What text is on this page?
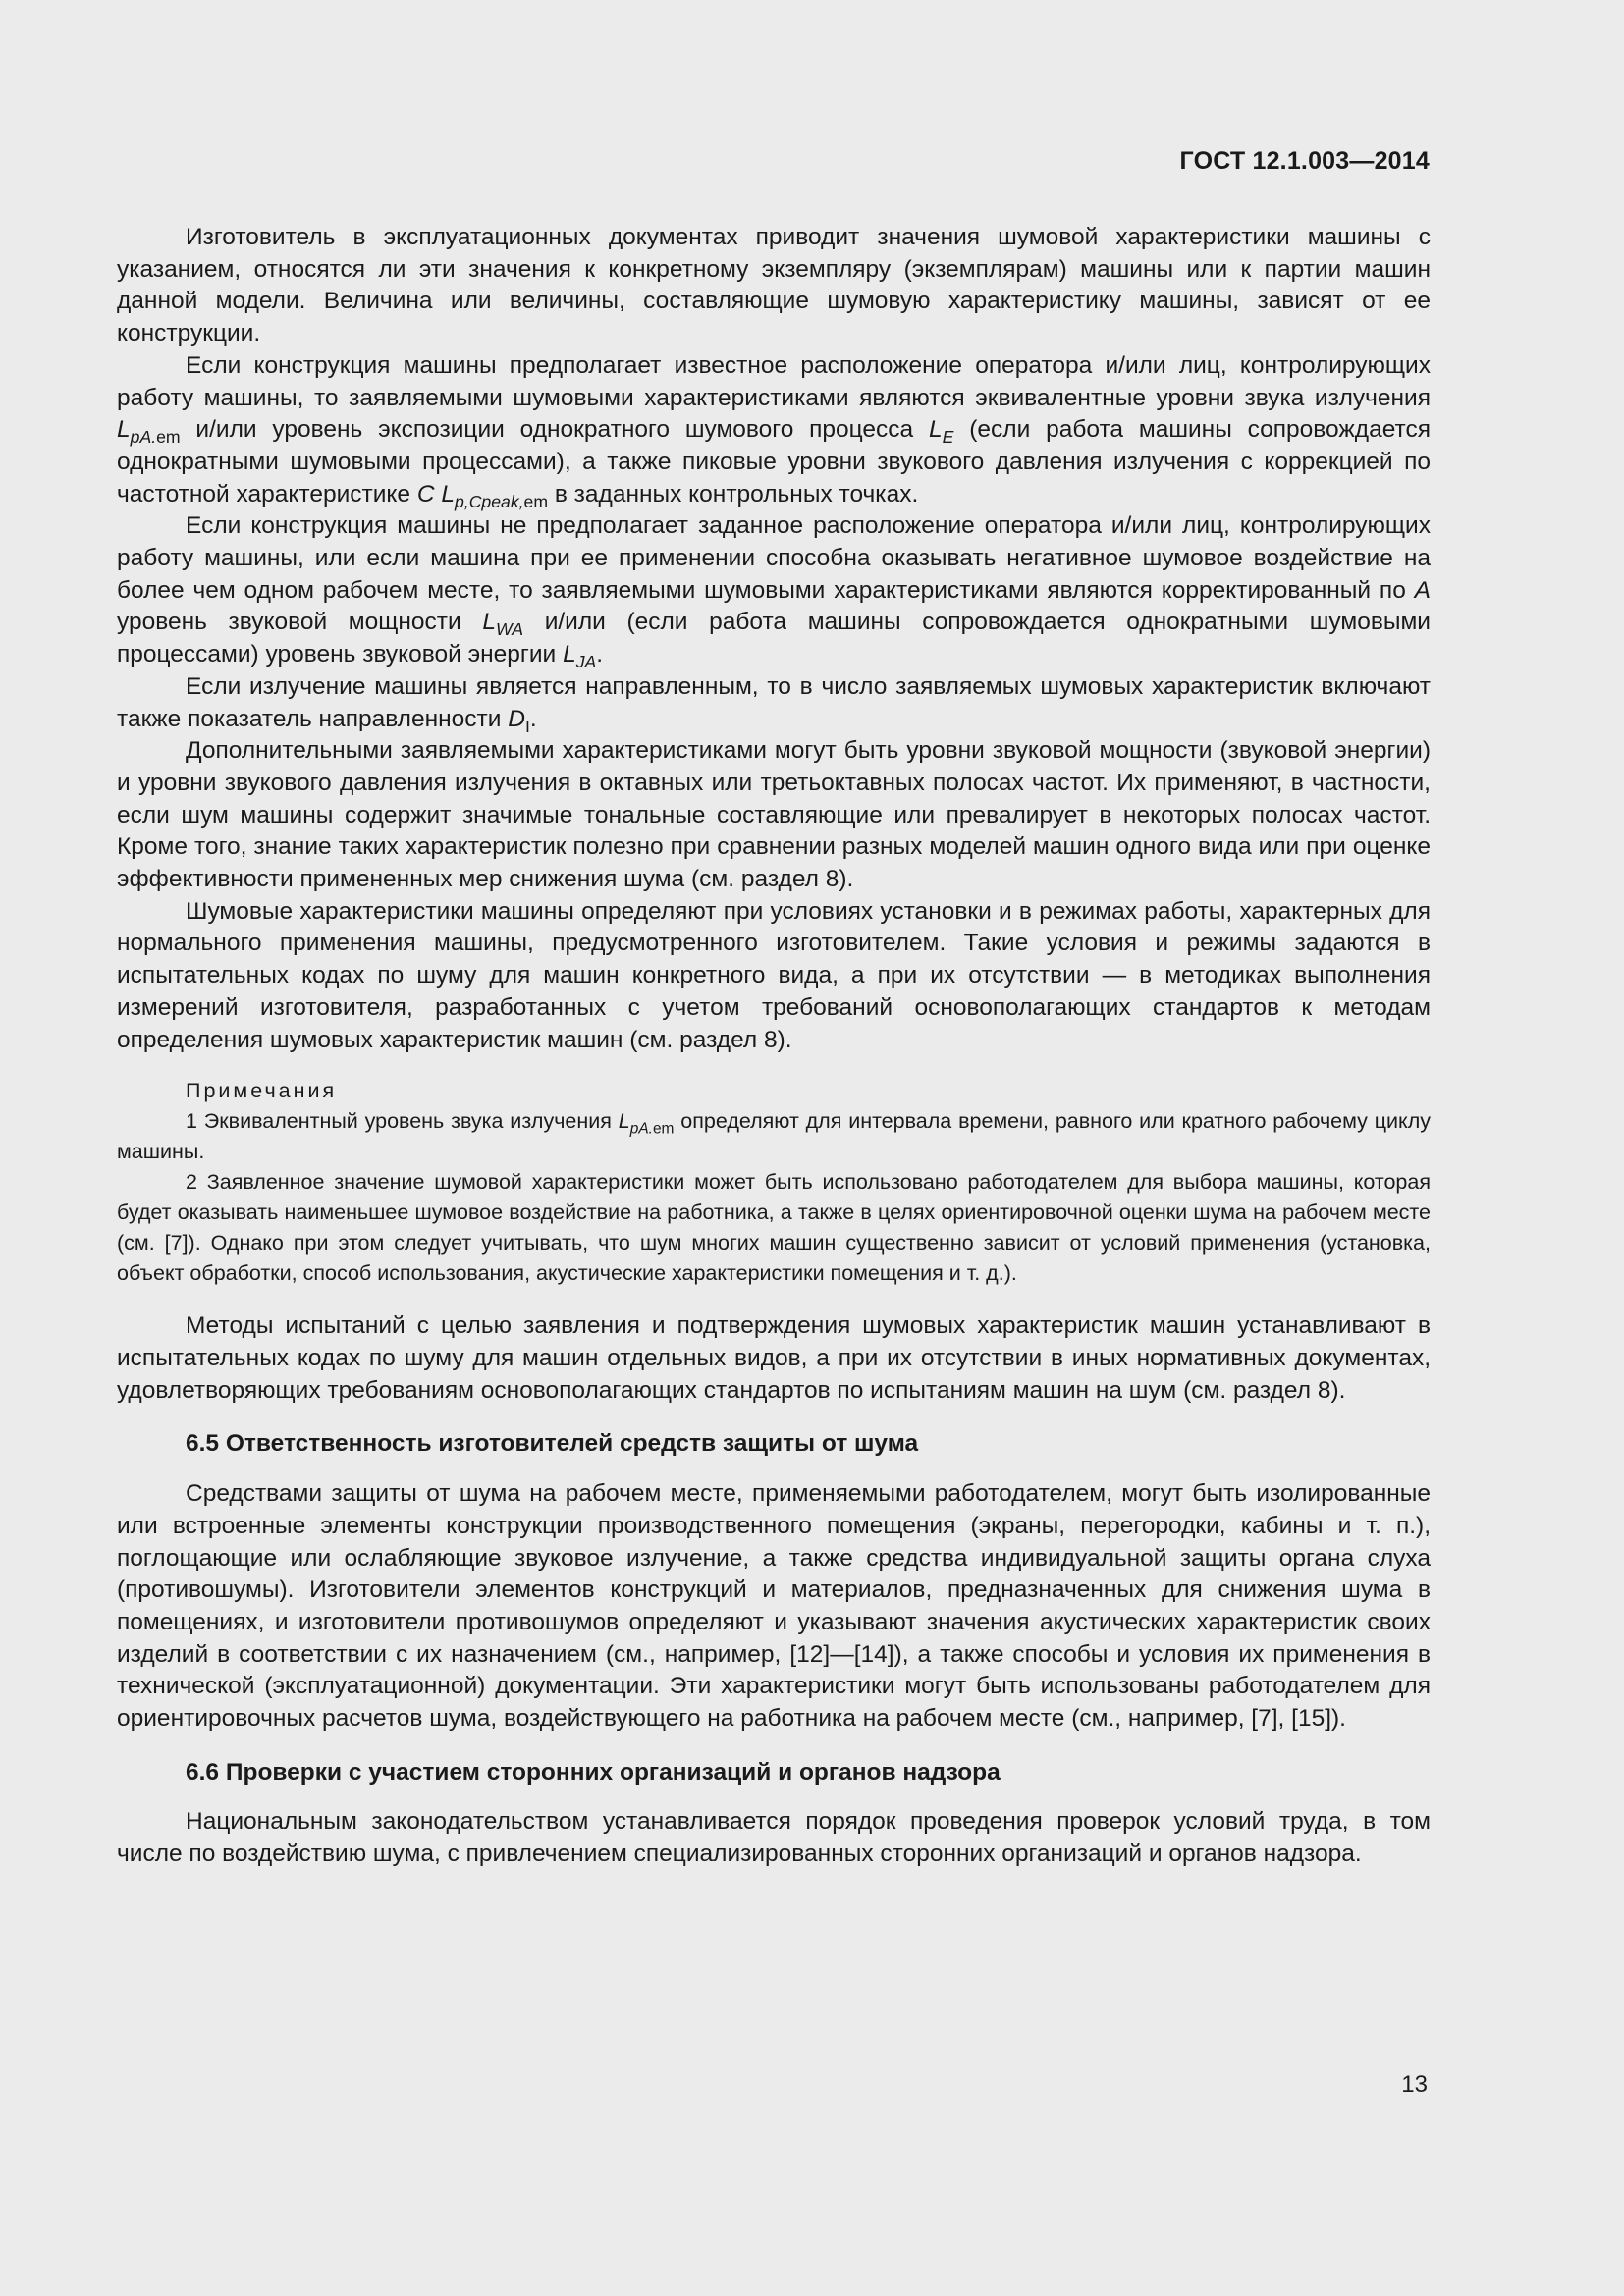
ГОСТ 12.1.003—2014

Изготовитель в эксплуатационных документах приводит значения шумовой характеристики машины с указанием, относятся ли эти значения к конкретному экземпляру (экземплярам) машины или к партии машин данной модели. Величина или величины, составляющие шумовую характеристику машины, зависят от ее конструкции.

Если конструкция машины предполагает известное расположение оператора и/или лиц, контролирующих работу машины, то заявляемыми шумовыми характеристиками являются эквивалентные уровни звука излучения $L_{pA.em}$ и/или уровень экспозиции однократного шумового процесса $L_E$ (если работа машины сопровождается однократными шумовыми процессами), а также пиковые уровни звукового давления излучения с коррекцией по частотной характеристике C $L_{p,Cpeak,em}$ в заданных контрольных точках.

Если конструкция машины не предполагает заданное расположение оператора и/или лиц, контролирующих работу машины, или если машина при ее применении способна оказывать негативное шумовое воздействие на более чем одном рабочем месте, то заявляемыми шумовыми характеристиками являются корректированный по A уровень звуковой мощности $L_{WA}$ и/или (если работа машины сопровождается однократными шумовыми процессами) уровень звуковой энергии $L_{JA}$.

Если излучение машины является направленным, то в число заявляемых шумовых характеристик включают также показатель направленности $D_I$.

Дополнительными заявляемыми характеристиками могут быть уровни звуковой мощности (звуковой энергии) и уровни звукового давления излучения в октавных или третьоктавных полосах частот. Их применяют, в частности, если шум машины содержит значимые тональные составляющие или превалирует в некоторых полосах частот. Кроме того, знание таких характеристик полезно при сравнении разных моделей машин одного вида или при оценке эффективности примененных мер снижения шума (см. раздел 8).

Шумовые характеристики машины определяют при условиях установки и в режимах работы, характерных для нормального применения машины, предусмотренного изготовителем. Такие условия и режимы задаются в испытательных кодах по шуму для машин конкретного вида, а при их отсутствии — в методиках выполнения измерений изготовителя, разработанных с учетом требований основополагающих стандартов к методам определения шумовых характеристик машин (см. раздел 8).

Примечания

1 Эквивалентный уровень звука излучения $L_{pA.em}$ определяют для интервала времени, равного или кратного рабочему циклу машины.

2 Заявленное значение шумовой характеристики может быть использовано работодателем для выбора машины, которая будет оказывать наименьшее шумовое воздействие на работника, а также в целях ориентировочной оценки шума на рабочем месте (см. [7]). Однако при этом следует учитывать, что шум многих машин существенно зависит от условий применения (установка, объект обработки, способ использования, акустические характеристики помещения и т. д.).

Методы испытаний с целью заявления и подтверждения шумовых характеристик машин устанавливают в испытательных кодах по шуму для машин отдельных видов, а при их отсутствии в иных нормативных документах, удовлетворяющих требованиям основополагающих стандартов по испытаниям машин на шум (см. раздел 8).

6.5 Ответственность изготовителей средств защиты от шума

Средствами защиты от шума на рабочем месте, применяемыми работодателем, могут быть изолированные или встроенные элементы конструкции производственного помещения (экраны, перегородки, кабины и т. п.), поглощающие или ослабляющие звуковое излучение, а также средства индивидуальной защиты органа слуха (противошумы). Изготовители элементов конструкций и материалов, предназначенных для снижения шума в помещениях, и изготовители противошумов определяют и указывают значения акустических характеристик своих изделий в соответствии с их назначением (см., например, [12]—[14]), а также способы и условия их применения в технической (эксплуатационной) документации. Эти характеристики могут быть использованы работодателем для ориентировочных расчетов шума, воздействующего на работника на рабочем месте (см., например, [7], [15]).

6.6 Проверки с участием сторонних организаций и органов надзора

Национальным законодательством устанавливается порядок проведения проверок условий труда, в том числе по воздействию шума, с привлечением специализированных сторонних организаций и органов надзора.

13
